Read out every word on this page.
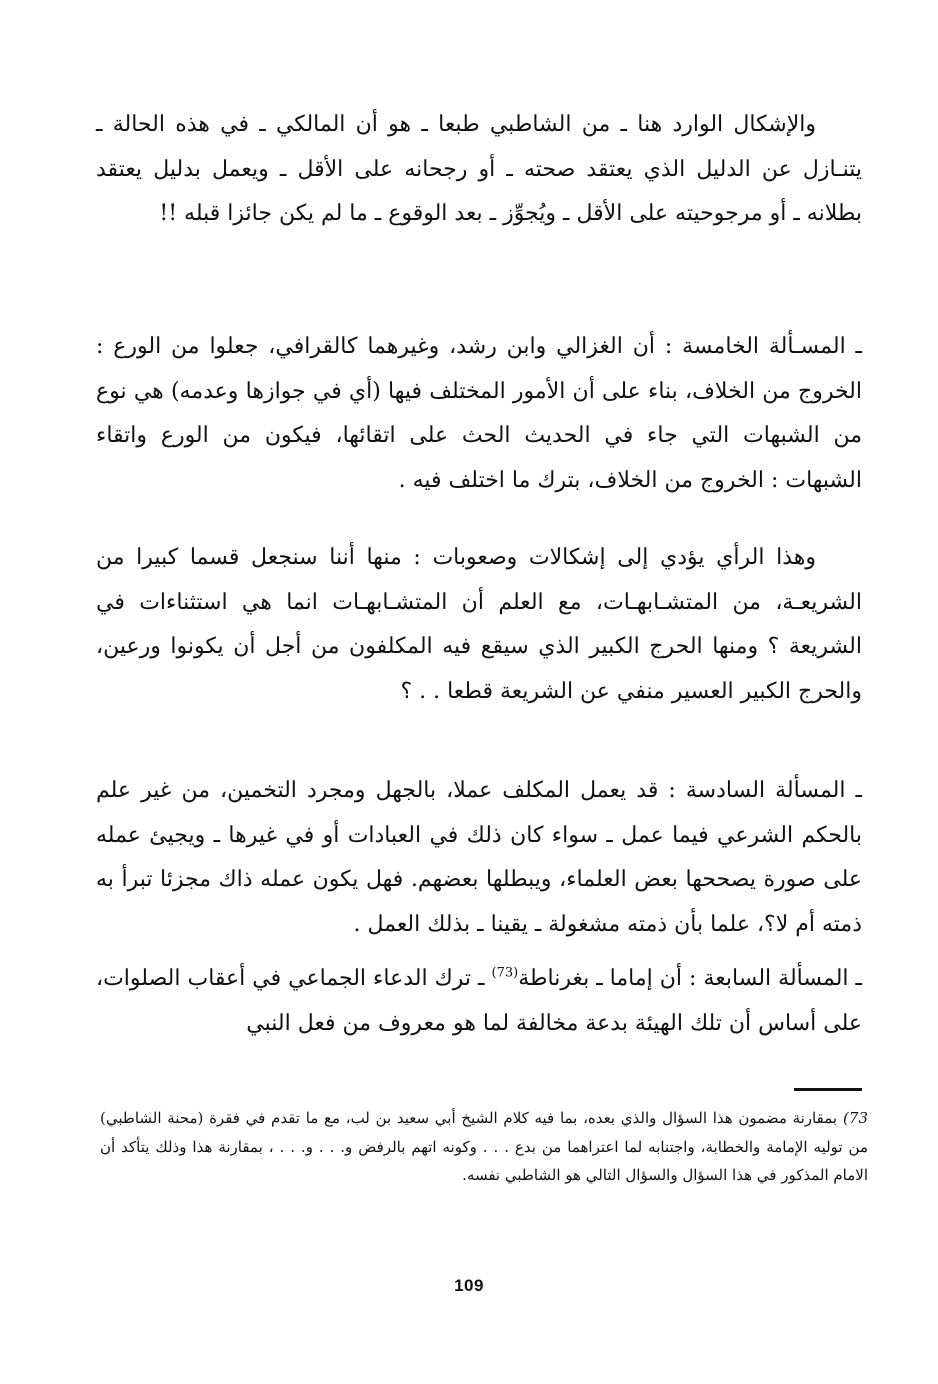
والإشكال الوارد هنا ـ من الشاطبي طبعا ـ هو أن المالكي ـ في هذه الحالة ـ يتنـازل عن الدليل الذي يعتقد صحته ـ أو رجحانه على الأقل ـ ويعمل بدليل يعتقد بطلانه ـ أو مرجوحيته على الأقل ـ ويُجوِّز ـ بعد الوقوع ـ ما لم يكن جائزا قبله !!

ـ المسـألة الخامسة : أن الغزالي وابن رشد، وغيرهما كالقرافي، جعلوا من الورع : الخروج من الخلاف، بناء على أن الأمور المختلف فيها (أي في جوازها وعدمه) هي نوع من الشبهات التي جاء في الحديث الحث على اتقائها، فيكون من الورع واتقاء الشبهات : الخروج من الخلاف، بترك ما اختلف فيه .

وهذا الرأي يؤدي إلى إشكالات وصعوبات : منها أننا سنجعل قسما كبيرا من الشريعـة، من المتشـابهـات، مع العلم أن المتشـابهـات انما هي استثناءات في الشريعة ؟ ومنها الحرج الكبير الذي سيقع فيه المكلفون من أجل أن يكونوا ورعين، والحرج الكبير العسير منفي عن الشريعة قطعا . . ؟

ـ المسألة السادسة : قد يعمل المكلف عملا، بالجهل ومجرد التخمين، من غير علم بالحكم الشرعي فيما عمل ـ سواء كان ذلك في العبادات أو في غيرها ـ ويجيئ عمله على صورة يصححها بعض العلماء، ويبطلها بعضهم. فهل يكون عمله ذاك مجزئا تبرأ به ذمته أم لا؟، علما بأن ذمته مشغولة ـ يقينا ـ بذلك العمل .

ـ المسألة السابعة : أن إماما ـ بغرناطة$^{(73)}$ ـ ترك الدعاء الجماعي في أعقاب الصلوات، على أساس أن تلك الهيئة بدعة مخالفة لما هو معروف من فعل النبي

73)بمقارنة مضمون هذا السؤال والذي بعده، بما فيه كلام الشيخ أبي سعيد بن لب، مع ما تقدم في فقرة (محنة الشاطبي) من توليه الإمامة والخطابة، واجتنابه لما اعتراهما من بدع . . . وكونه اتهم بالرفض و. . . و. . . ، بمقارنة هذا وذلك يتأكد أن الامام المذكور في هذا السؤال والسؤال التالي هو الشاطبي نفسه.

109
